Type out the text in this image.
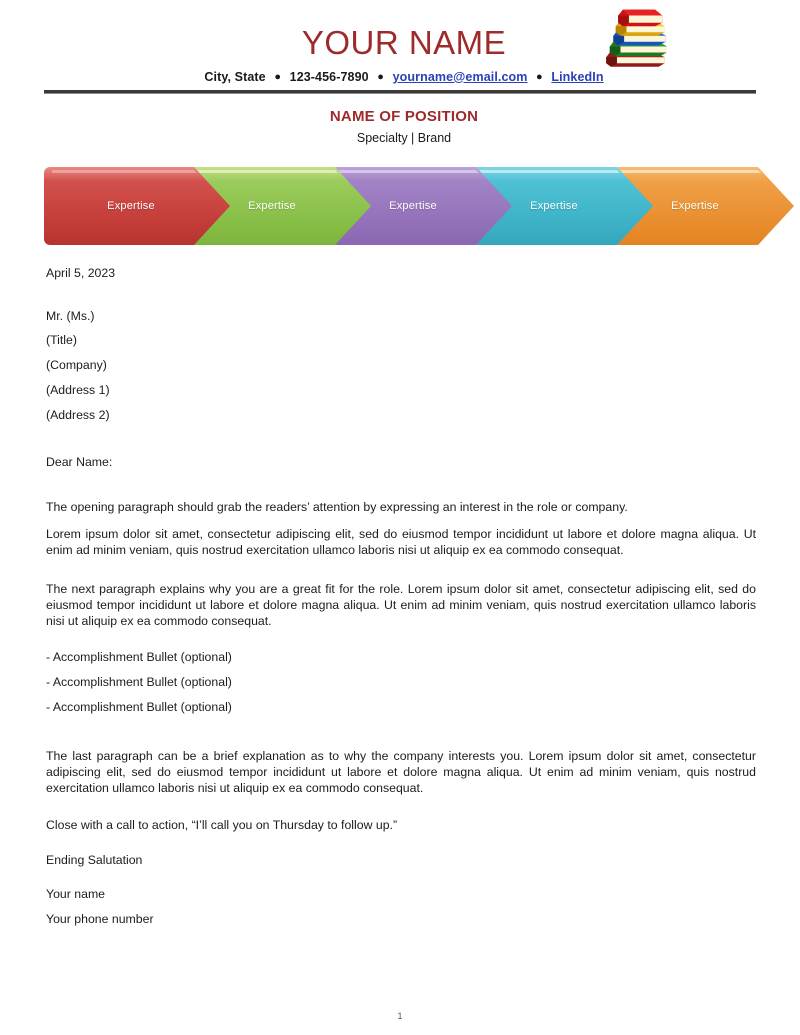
YOUR NAME
City, State ● 123-456-7890 ● yourname@email.com ● LinkedIn
NAME OF POSITION
Specialty | Brand
Expertise	Expertise	Expertise	Expertise	Expertise
April 5, 2023
Mr. (Ms.)
(Title)
(Company)
(Address 1)
(Address 2)
Dear Name:
The opening paragraph should grab the readers’ attention by expressing an interest in the role or company.
Lorem ipsum dolor sit amet, consectetur adipiscing elit, sed do eiusmod tempor incididunt ut labore et dolore magna aliqua. Ut enim ad minim veniam, quis nostrud exercitation ullamco laboris nisi ut aliquip ex ea commodo consequat.
The next paragraph explains why you are a great fit for the role. Lorem ipsum dolor sit amet, consectetur adipiscing elit, sed do eiusmod tempor incididunt ut labore et dolore magna aliqua. Ut enim ad minim veniam, quis nostrud exercitation ullamco laboris nisi ut aliquip ex ea commodo consequat.
- Accomplishment Bullet (optional)
- Accomplishment Bullet (optional)
- Accomplishment Bullet (optional)
The last paragraph can be a brief explanation as to why the company interests you. Lorem ipsum dolor sit amet, consectetur adipiscing elit, sed do eiusmod tempor incididunt ut labore et dolore magna aliqua. Ut enim ad minim veniam, quis nostrud exercitation ullamco laboris nisi ut aliquip ex ea commodo consequat.
Close with a call to action, “I’ll call you on Thursday to follow up.”
Ending Salutation
Your name
Your phone number
1
